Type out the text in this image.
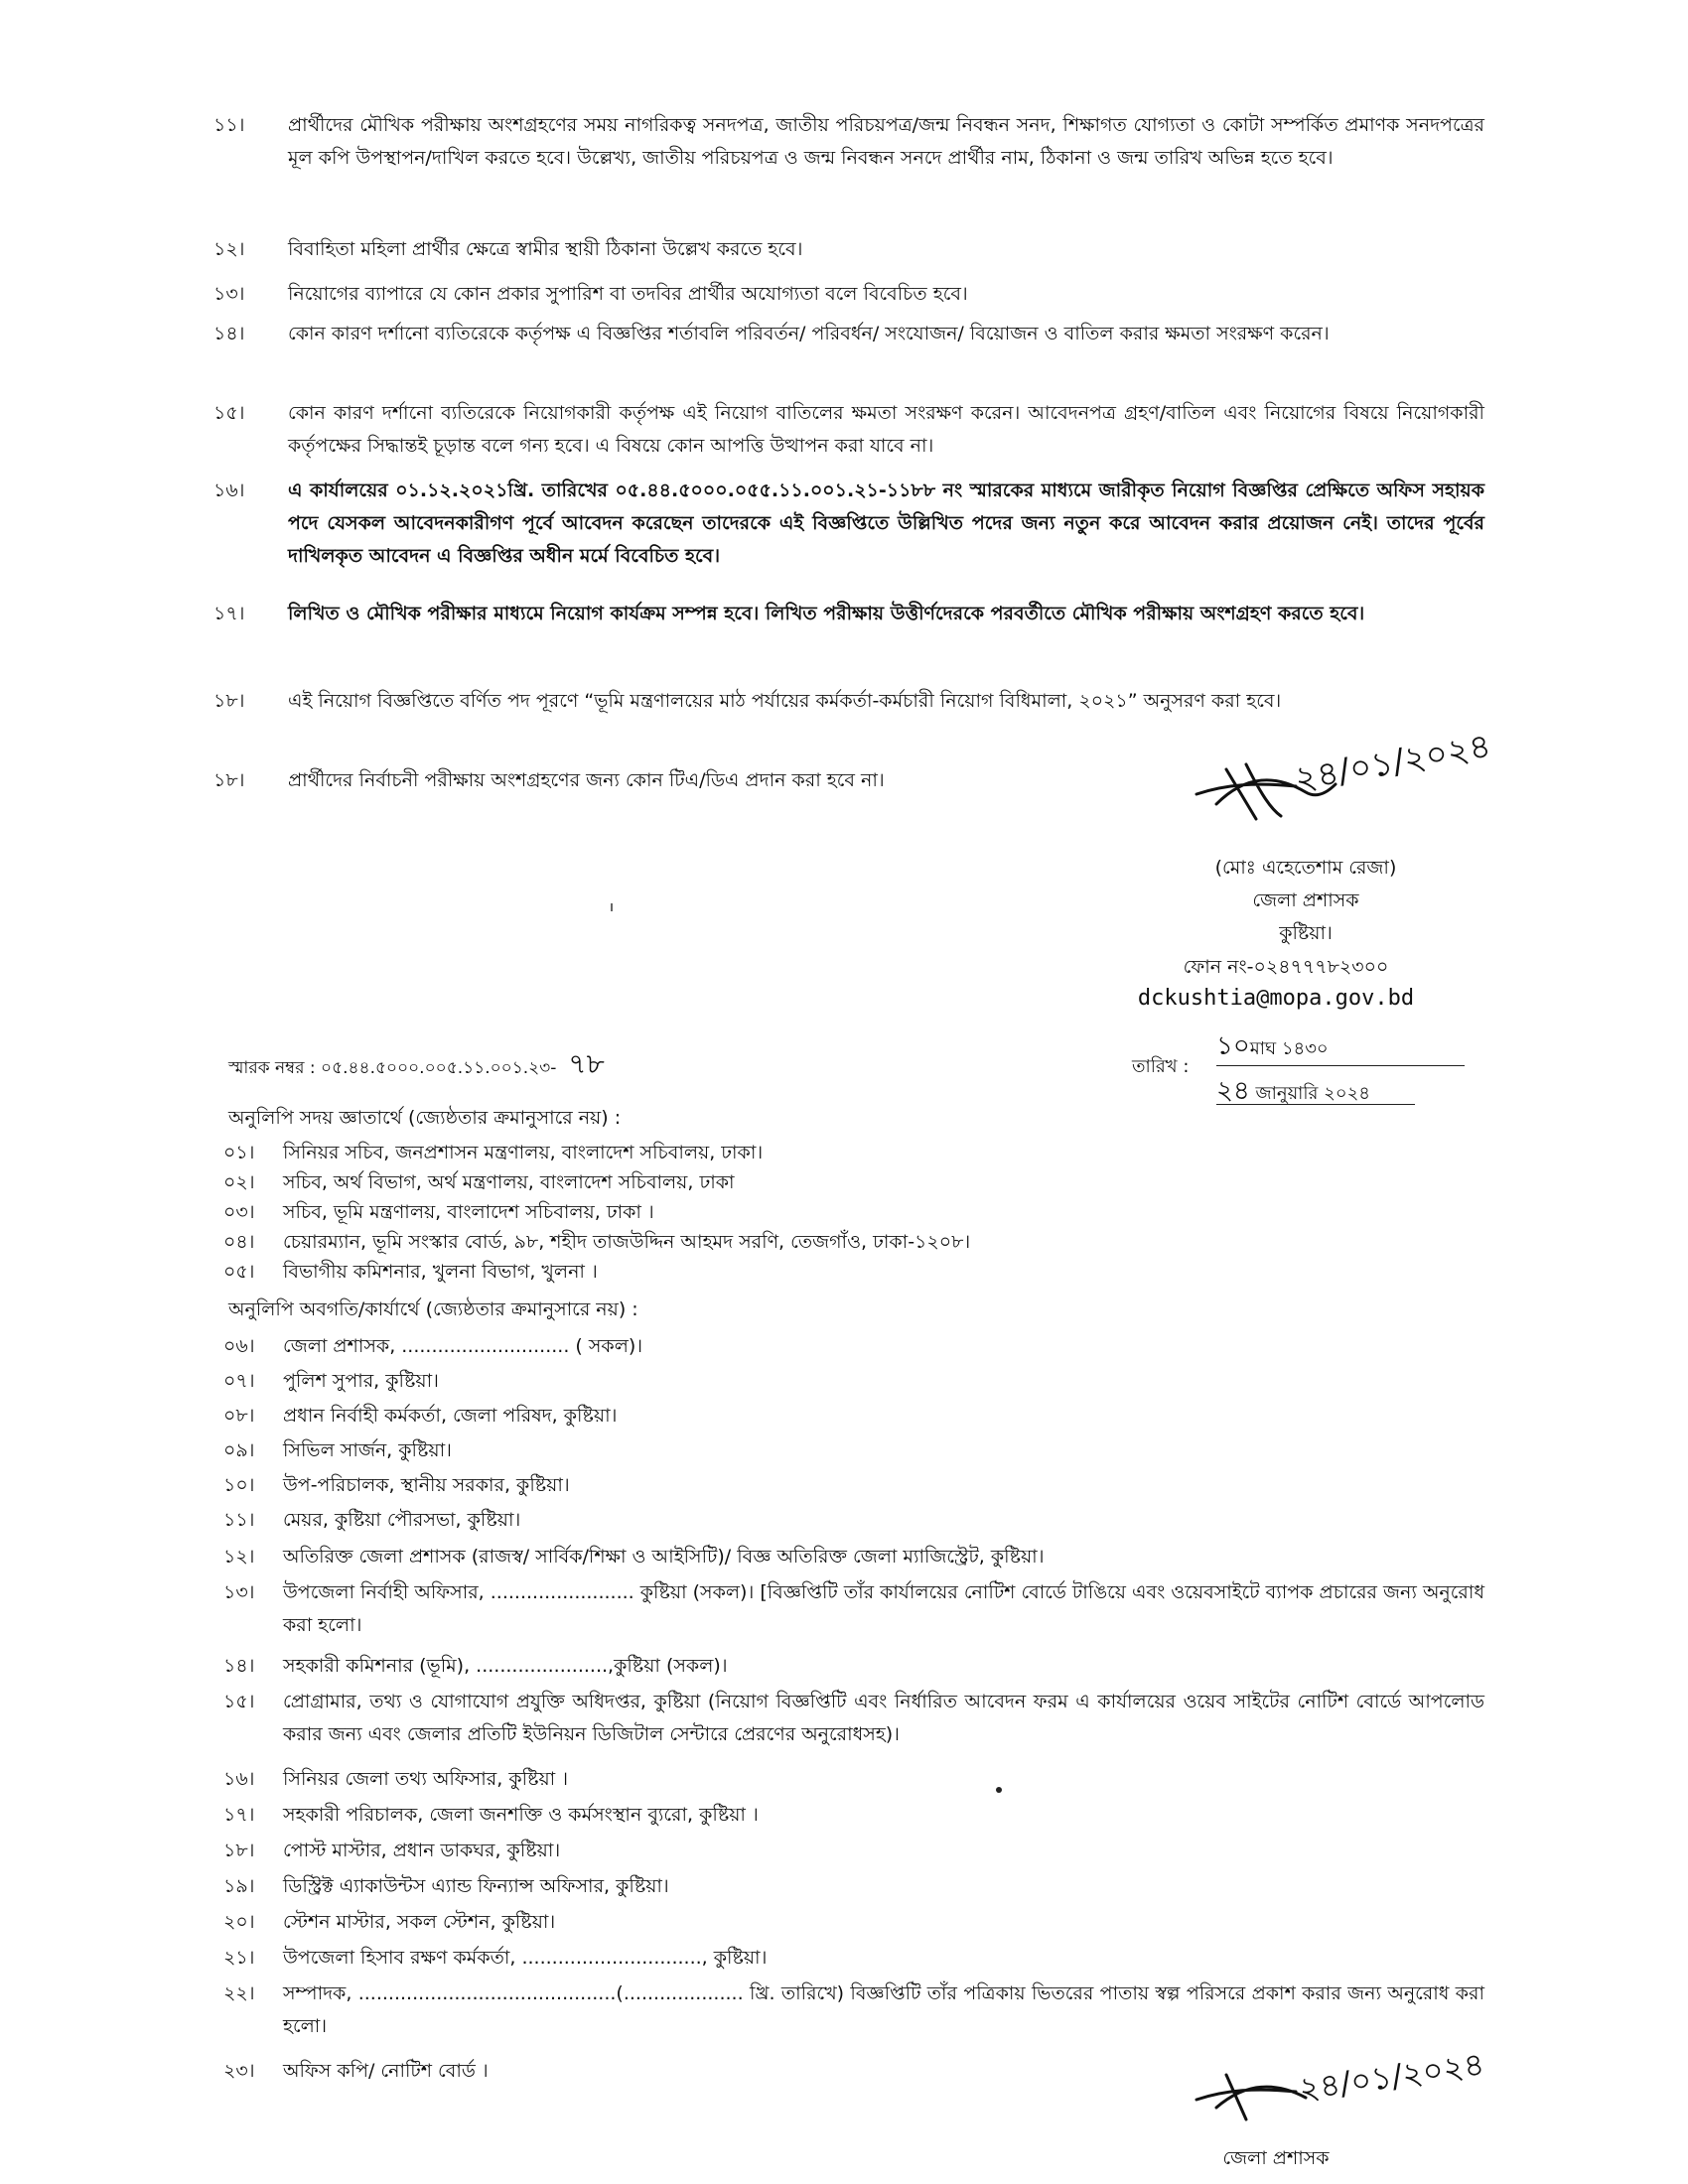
১১।	প্রার্থীদের মৌখিক পরীক্ষায় অংশগ্রহণের সময় নাগরিকত্ব সনদপত্র, জাতীয় পরিচয়পত্র/জন্ম নিবন্ধন সনদ, শিক্ষাগত যোগ্যতা ও কোটা সম্পর্কিত প্রমাণক সনদপত্রের মূল কপি উপস্থাপন/দাখিল করতে হবে। উল্লেখ্য, জাতীয় পরিচয়পত্র ও জন্ম নিবন্ধন সনদে প্রার্থীর নাম, ঠিকানা ও জন্ম তারিখ অভিন্ন হতে হবে।
১২।	বিবাহিতা মহিলা প্রার্থীর ক্ষেত্রে স্বামীর স্থায়ী ঠিকানা উল্লেখ করতে হবে।
১৩।	নিয়োগের ব্যাপারে যে কোন প্রকার সুপারিশ বা তদবির প্রার্থীর অযোগ্যতা বলে বিবেচিত হবে।
১৪।	কোন কারণ দর্শানো ব্যতিরেকে কর্তৃপক্ষ এ বিজ্ঞপ্তির শর্তাবলি পরিবর্তন/ পরিবর্ধন/ সংযোজন/ বিয়োজন ও বাতিল করার ক্ষমতা সংরক্ষণ করেন।
১৫।	কোন কারণ দর্শানো ব্যতিরেকে নিয়োগকারী কর্তৃপক্ষ এই নিয়োগ বাতিলের ক্ষমতা সংরক্ষণ করেন। আবেদনপত্র গ্রহণ/বাতিল এবং নিয়োগের বিষয়ে নিয়োগকারী কর্তৃপক্ষের সিদ্ধান্তই চূড়ান্ত বলে গন্য হবে। এ বিষয়ে কোন আপত্তি উত্থাপন করা যাবে না।
১৬।	এ কার্যালয়ের ০১.১২.২০২১খ্রি. তারিখের ০৫.৪৪.৫০০০.০৫৫.১১.০০১.২১-১১৮৮ নং স্মারকের মাধ্যমে জারীকৃত নিয়োগ বিজ্ঞপ্তির প্রেক্ষিতে অফিস সহায়ক পদে যেসকল আবেদনকারীগণ পূর্বে আবেদন করেছেন তাদেরকে এই বিজ্ঞপ্তিতে উল্লিখিত পদের জন্য নতুন করে আবেদন করার প্রয়োজন নেই। তাদের পূর্বের দাখিলকৃত আবেদন এ বিজ্ঞপ্তির অধীন মর্মে বিবেচিত হবে।
১৭।	লিখিত ও মৌখিক পরীক্ষার মাধ্যমে নিয়োগ কার্যক্রম সম্পন্ন হবে। লিখিত পরীক্ষায় উত্তীর্ণদেরকে পরবর্তীতে মৌখিক পরীক্ষায় অংশগ্রহণ করতে হবে।
১৮।	এই নিয়োগ বিজ্ঞপ্তিতে বর্ণিত পদ পূরণে “ভূমি মন্ত্রণালয়ের মাঠ পর্যায়ের কর্মকর্তা-কর্মচারী নিয়োগ বিধিমালা, ২০২১” অনুসরণ করা হবে।
১৮।	প্রার্থীদের নির্বাচনী পরীক্ষায় অংশগ্রহণের জন্য কোন টিএ/ডিএ প্রদান করা হবে না।	২৪/০১/২০২৪
(মোঃ এহেতেশাম রেজা)
জেলা প্রশাসক
কুষ্টিয়া।
ফোন নং-০২৪৭৭৭৮২৩০০
dckushtia@mopa.gov.bd
স্মারক নম্বর : ০৫.৪৪.৫০০০.০০৫.১১.০০১.২৩- ৭৮	তারিখ :
১০মাঘ ১৪৩০
২৪ জানুয়ারি ২০২৪
অনুলিপি সদয় জ্ঞাতার্থে (জ্যেষ্ঠতার ক্রমানুসারে নয়) :
০১।	সিনিয়র সচিব, জনপ্রশাসন মন্ত্রণালয়, বাংলাদেশ সচিবালয়, ঢাকা।
০২।	সচিব, অর্থ বিভাগ, অর্থ মন্ত্রণালয়, বাংলাদেশ সচিবালয়, ঢাকা
০৩।	সচিব, ভূমি মন্ত্রণালয়, বাংলাদেশ সচিবালয়, ঢাকা ।
০৪।	চেয়ারম্যান, ভূমি সংস্কার বোর্ড, ৯৮, শহীদ তাজউদ্দিন আহমদ সরণি, তেজগাঁও, ঢাকা-১২০৮।
০৫।	বিভাগীয় কমিশনার, খুলনা বিভাগ, খুলনা ।
অনুলিপি অবগতি/কার্যার্থে (জ্যেষ্ঠতার ক্রমানুসারে নয়) :
০৬।	জেলা প্রশাসক, ............................ ( সকল)।
০৭।	পুলিশ সুপার, কুষ্টিয়া।
০৮।	প্রধান নির্বাহী কর্মকর্তা, জেলা পরিষদ, কুষ্টিয়া।
০৯।	সিভিল সার্জন, কুষ্টিয়া।
১০।	উপ-পরিচালক, স্থানীয় সরকার, কুষ্টিয়া।
১১।	মেয়র, কুষ্টিয়া পৌরসভা, কুষ্টিয়া।
১২।	অতিরিক্ত জেলা প্রশাসক (রাজস্ব/ সার্বিক/শিক্ষা ও আইসিটি)/ বিজ্ঞ অতিরিক্ত জেলা ম্যাজিস্ট্রেট, কুষ্টিয়া।
১৩।	উপজেলা নির্বাহী অফিসার, ........................ কুষ্টিয়া (সকল)। [বিজ্ঞপ্তিটি তাঁর কার্যালয়ের নোটিশ বোর্ডে টাঙিয়ে এবং ওয়েবসাইটে ব্যাপক প্রচারের জন্য অনুরোধ করা হলো।
১৪।	সহকারী কমিশনার (ভূমি), ......................,কুষ্টিয়া (সকল)।
১৫।	প্রোগ্রামার, তথ্য ও যোগাযোগ প্রযুক্তি অধিদপ্তর, কুষ্টিয়া (নিয়োগ বিজ্ঞপ্তিটি এবং নির্ধারিত আবেদন ফরম এ কার্যালয়ের ওয়েব সাইটের নোটিশ বোর্ডে আপলোড করার জন্য এবং জেলার প্রতিটি ইউনিয়ন ডিজিটাল সেন্টারে প্রেরণের অনুরোধসহ)।
১৬।	সিনিয়র জেলা তথ্য অফিসার, কুষ্টিয়া ।
১৭।	সহকারী পরিচালক, জেলা জনশক্তি ও কর্মসংস্থান ব্যুরো, কুষ্টিয়া ।
১৮।	পোস্ট মাস্টার, প্রধান ডাকঘর, কুষ্টিয়া।
১৯।	ডিস্ট্রিক্ট এ্যাকাউন্টস এ্যান্ড ফিন্যান্স অফিসার, কুষ্টিয়া।
২০।	স্টেশন মাস্টার, সকল স্টেশন, কুষ্টিয়া।
২১।	উপজেলা হিসাব রক্ষণ কর্মকর্তা, .............................., কুষ্টিয়া।
২২।	সম্পাদক, ...........................................(.................... খ্রি. তারিখে) বিজ্ঞপ্তিটি তাঁর পত্রিকায় ভিতরের পাতায় স্বল্প পরিসরে প্রকাশ করার জন্য অনুরোধ করা হলো।
২৩।	অফিস কপি/ নোটিশ বোর্ড ।	২৪/০১/২০২৪
জেলা প্রশাসক
